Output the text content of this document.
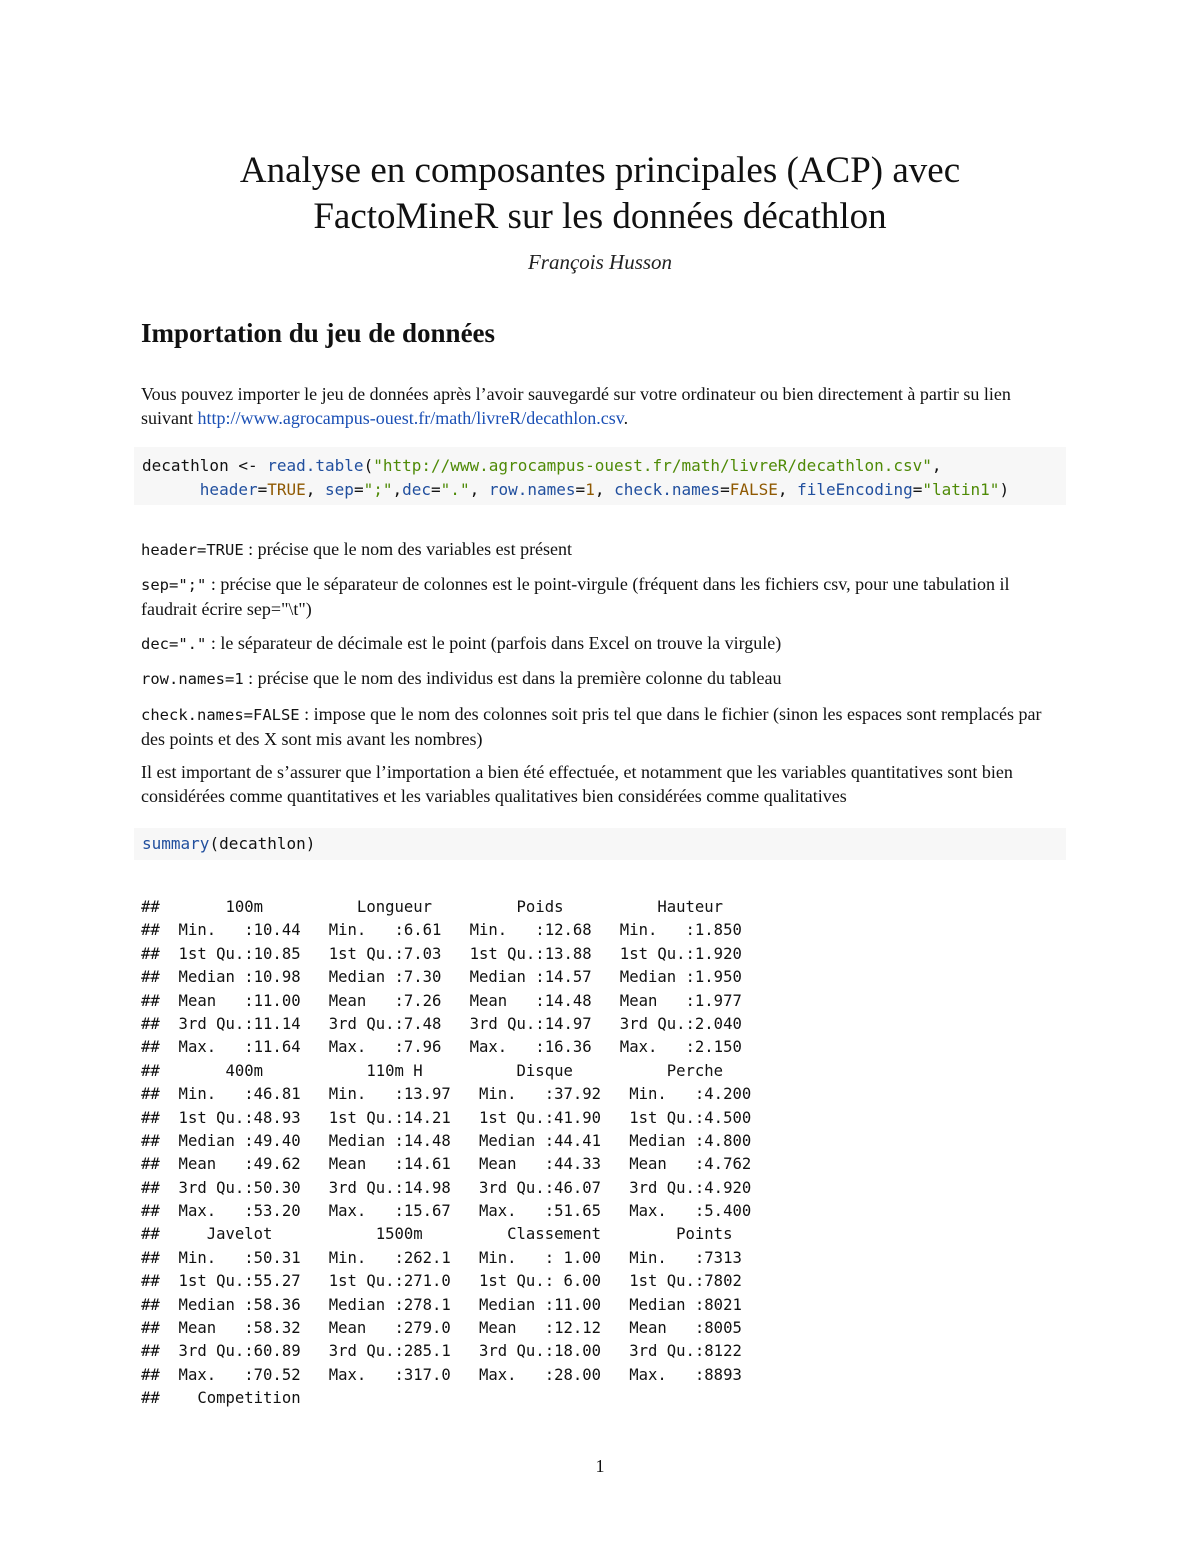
Analyse en composantes principales (ACP) avec
FactoMineR sur les données décathlon
François Husson
Importation du jeu de données

Vous pouvez importer le jeu de données après l’avoir sauvegardé sur votre ordinateur ou bien directement à partir su lien suivant http://www.agrocampus-ouest.fr/math/livreR/decathlon.csv.

decathlon <- read.table("http://www.agrocampus-ouest.fr/math/livreR/decathlon.csv",
header=TRUE, sep=";",dec=".", row.names=1, check.names=FALSE, fileEncoding="latin1")

header=TRUE : précise que le nom des variables est présent

sep=";" : précise que le séparateur de colonnes est le point-virgule (fréquent dans les fichiers csv, pour une tabulation il faudrait écrire sep="\t")

dec="." : le séparateur de décimale est le point (parfois dans Excel on trouve la virgule)

row.names=1 : précise que le nom des individus est dans la première colonne du tableau

check.names=FALSE : impose que le nom des colonnes soit pris tel que dans le fichier (sinon les espaces sont remplacés par des points et des X sont mis avant les nombres)

Il est important de s’assurer que l’importation a bien été effectuée, et notamment que les variables quantitatives sont bien considérées comme quantitatives et les variables qualitatives bien considérées comme qualitatives

summary(decathlon)
##       100m          Longueur         Poids          Hauteur
##  Min.   :10.44   Min.   :6.61   Min.   :12.68   Min.   :1.850
##  1st Qu.:10.85   1st Qu.:7.03   1st Qu.:13.88   1st Qu.:1.920
##  Median :10.98   Median :7.30   Median :14.57   Median :1.950
##  Mean   :11.00   Mean   :7.26   Mean   :14.48   Mean   :1.977
##  3rd Qu.:11.14   3rd Qu.:7.48   3rd Qu.:14.97   3rd Qu.:2.040
##  Max.   :11.64   Max.   :7.96   Max.   :16.36   Max.   :2.150
##       400m           110m H          Disque          Perche
##  Min.   :46.81   Min.   :13.97   Min.   :37.92   Min.   :4.200
##  1st Qu.:48.93   1st Qu.:14.21   1st Qu.:41.90   1st Qu.:4.500
##  Median :49.40   Median :14.48   Median :44.41   Median :4.800
##  Mean   :49.62   Mean   :14.61   Mean   :44.33   Mean   :4.762
##  3rd Qu.:50.30   3rd Qu.:14.98   3rd Qu.:46.07   3rd Qu.:4.920
##  Max.   :53.20   Max.   :15.67   Max.   :51.65   Max.   :5.400
##     Javelot           1500m         Classement        Points
##  Min.   :50.31   Min.   :262.1   Min.   : 1.00   Min.   :7313
##  1st Qu.:55.27   1st Qu.:271.0   1st Qu.: 6.00   1st Qu.:7802
##  Median :58.36   Median :278.1   Median :11.00   Median :8021
##  Mean   :58.32   Mean   :279.0   Mean   :12.12   Mean   :8005
##  3rd Qu.:60.89   3rd Qu.:285.1   3rd Qu.:18.00   3rd Qu.:8122
##  Max.   :70.52   Max.   :317.0   Max.   :28.00   Max.   :8893
##    Competition
1
